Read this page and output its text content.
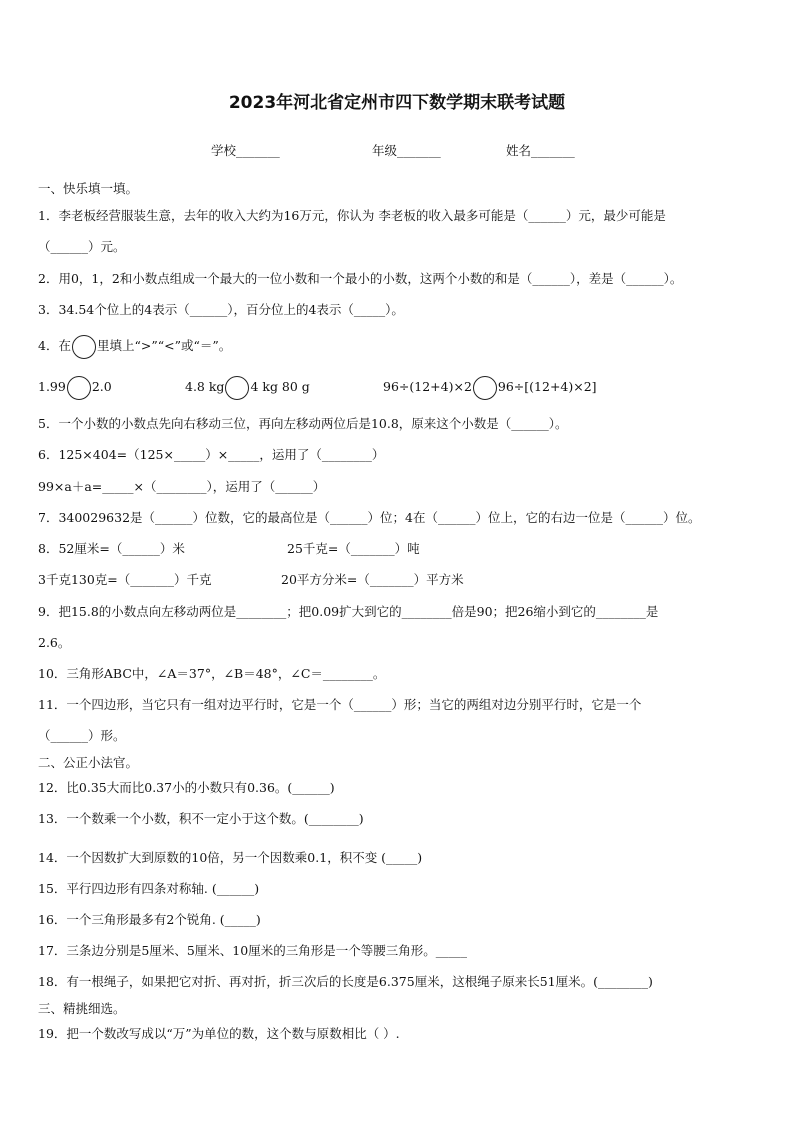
2023年河北省定州市四下数学期末联考试题
学校_______	年级_______	姓名_______
一、快乐填一填。
1．李老板经营服装生意，去年的收入大约为16万元，你认为 李老板的收入最多可能是（______）元，最少可能是
（______）元。
2．用0，1，2和小数点组成一个最大的一位小数和一个最小的小数，这两个小数的和是（______），差是（______）。
3．34.54个位上的4表示（______），百分位上的4表示（_____）。
4．在 里填上“>”“<”或“＝”。
1.99 2.0	4.8 kg 4 kg 80 g	96÷(12+4)×2 96÷[(12+4)×2]
5．一个小数的小数点先向右移动三位，再向左移动两位后是10.8，原来这个小数是（______）。
6．125×404=（125×_____）×_____，运用了（________）
99×a＋a=_____×（________），运用了（______）
7．340029632是（______）位数，它的最高位是（______）位；4在（______）位上，它的右边一位是（______）位。
8．52厘米=（______）米	25千克=（_______）吨
3千克130克=（_______）千克	20平方分米=（_______）平方米
9．把15.8的小数点向左移动两位是________；把0.09扩大到它的________倍是90；把26缩小到它的________是
2.6。
10．三角形ABC中，∠A＝37°，∠B＝48°，∠C＝________。
11．一个四边形，当它只有一组对边平行时，它是一个（______）形；当它的两组对边分别平行时，它是一个
（______）形。
二、公正小法官。
12．比0.35大而比0.37小的小数只有0.36。(______)
13．一个数乘一个小数，积不一定小于这个数。(________)
14．一个因数扩大到原数的10倍，另一个因数乘0.1，积不变 (_____)
15．平行四边形有四条对称轴. (______)
16．一个三角形最多有2个锐角. (_____)
17．三条边分别是5厘米、5厘米、10厘米的三角形是一个等腰三角形。_____
18．有一根绳子，如果把它对折、再对折，折三次后的长度是6.375厘米，这根绳子原来长51厘米。(________)
三、精挑细选。
19．把一个数改写成以“万”为单位的数，这个数与原数相比（ ）.
